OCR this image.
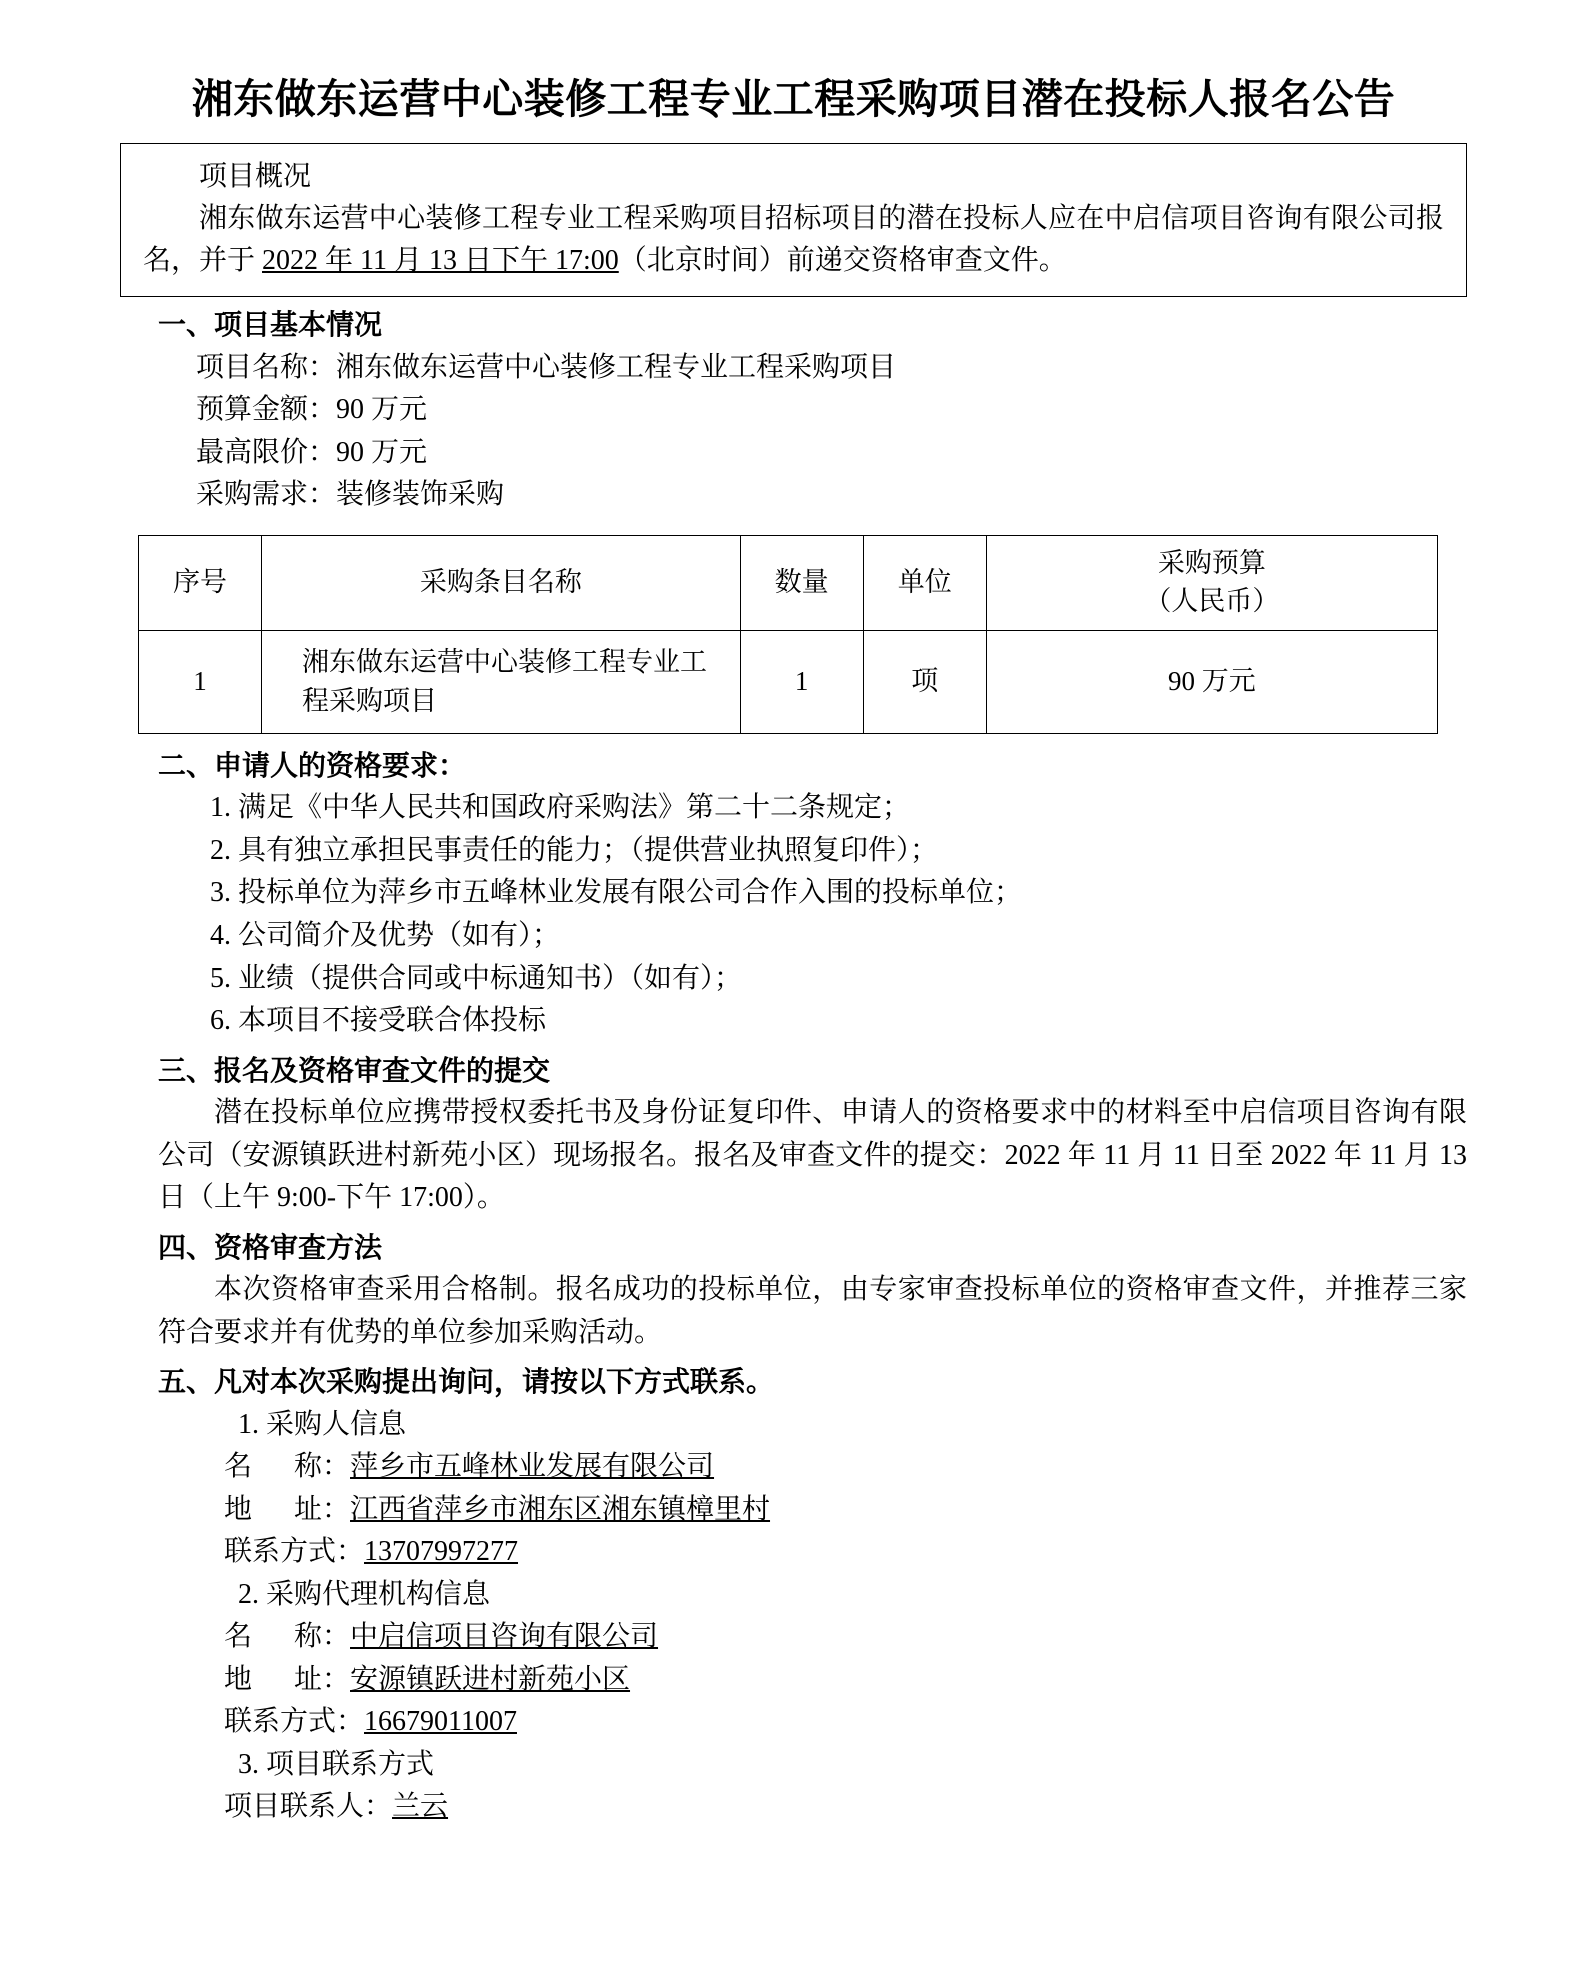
湘东做东运营中心装修工程专业工程采购项目潜在投标人报名公告
项目概况
湘东做东运营中心装修工程专业工程采购项目招标项目的潜在投标人应在中启信项目咨询有限公司报名，并于 2022 年 11 月 13 日下午 17:00（北京时间）前递交资格审查文件。
一、项目基本情况
项目名称：湘东做东运营中心装修工程专业工程采购项目
预算金额：90 万元
最高限价：90 万元
采购需求：装修装饰采购
序号	采购条目名称	数量	单位	采购预算
（人民币）

1	湘东做东运营中心装修工程专业工程采购项目	1	项	90 万元
二、申请人的资格要求：
1. 满足《中华人民共和国政府采购法》第二十二条规定；
2. 具有独立承担民事责任的能力；（提供营业执照复印件）；
3. 投标单位为萍乡市五峰林业发展有限公司合作入围的投标单位；
4. 公司简介及优势（如有）；
5. 业绩（提供合同或中标通知书）（如有）；
6. 本项目不接受联合体投标
三、报名及资格审查文件的提交
潜在投标单位应携带授权委托书及身份证复印件、申请人的资格要求中的材料至中启信项目咨询有限公司（安源镇跃进村新苑小区）现场报名。报名及审查文件的提交：2022 年 11 月 11 日至 2022 年 11 月 13 日（上午 9:00-下午 17:00）。
四、资格审查方法
本次资格审查采用合格制。报名成功的投标单位，由专家审查投标单位的资格审查文件，并推荐三家符合要求并有优势的单位参加采购活动。
五、凡对本次采购提出询问，请按以下方式联系。
1. 采购人信息
名      称：萍乡市五峰林业发展有限公司
地      址：江西省萍乡市湘东区湘东镇樟里村
联系方式：13707997277
2. 采购代理机构信息
名      称：中启信项目咨询有限公司
地      址：安源镇跃进村新苑小区
联系方式：16679011007
3. 项目联系方式
项目联系人：兰云
